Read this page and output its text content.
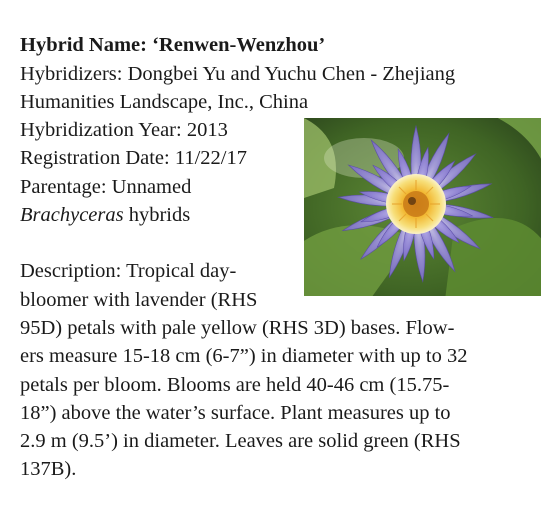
Hybrid Name: ‘Renwen-Wenzhou’
Hybridizers: Dongbei Yu and Yuchu Chen - Zhejiang
Humanities Landscape, Inc., China
Hybridization Year: 2013
Registration Date: 11/22/17
Parentage: Unnamed
Brachyceras hybrids
Description: Tropical day-
bloomer with lavender (RHS
95D) petals with pale yellow (RHS 3D) bases. Flow-
ers measure 15-18 cm (6-7”) in diameter with up to 32
petals per bloom. Blooms are held 40-46 cm (15.75-
18”) above the water’s surface. Plant measures up to
2.9 m (9.5’) in diameter. Leaves are solid green (RHS
137B).
